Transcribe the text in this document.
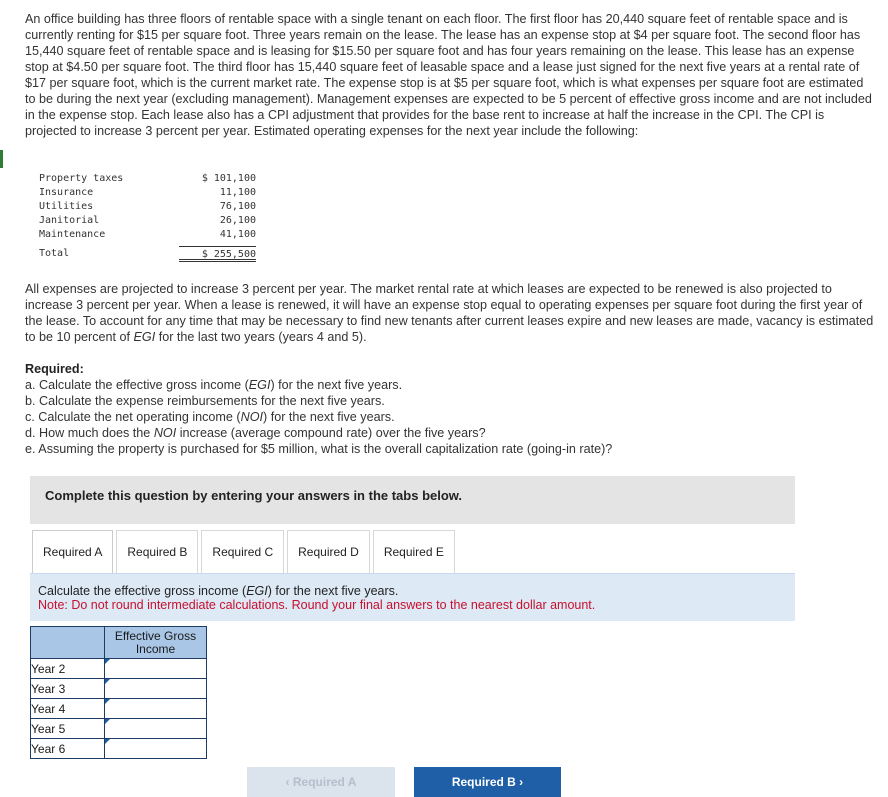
An office building has three floors of rentable space with a single tenant on each floor. The first floor has 20,440 square feet of rentable space and is currently renting for $15 per square foot. Three years remain on the lease. The lease has an expense stop at $4 per square foot. The second floor has 15,440 square feet of rentable space and is leasing for $15.50 per square foot and has four years remaining on the lease. This lease has an expense stop at $4.50 per square foot. The third floor has 15,440 square feet of leasable space and a lease just signed for the next five years at a rental rate of $17 per square foot, which is the current market rate. The expense stop is at $5 per square foot, which is what expenses per square foot are estimated to be during the next year (excluding management). Management expenses are expected to be 5 percent of effective gross income and are not included in the expense stop. Each lease also has a CPI adjustment that provides for the base rent to increase at half the increase in the CPI. The CPI is projected to increase 3 percent per year. Estimated operating expenses for the next year include the following:
Property taxes	$ 101,100
Insurance	11,100
Utilities	76,100
Janitorial	26,100
Maintenance	41,100
Total	$ 255,500
All expenses are projected to increase 3 percent per year. The market rental rate at which leases are expected to be renewed is also projected to increase 3 percent per year. When a lease is renewed, it will have an expense stop equal to operating expenses per square foot during the first year of the lease. To account for any time that may be necessary to find new tenants after current leases expire and new leases are made, vacancy is estimated to be 10 percent of EGI for the last two years (years 4 and 5).
Required:
a. Calculate the effective gross income (EGI) for the next five years.
b. Calculate the expense reimbursements for the next five years.
c. Calculate the net operating income (NOI) for the next five years.
d. How much does the NOI increase (average compound rate) over the five years?
e. Assuming the property is purchased for $5 million, what is the overall capitalization rate (going-in rate)?
Complete this question by entering your answers in the tabs below.
Required A	Required B	Required C	Required D	Required E
Calculate the effective gross income (EGI) for the next five years.
Note: Do not round intermediate calculations. Round your final answers to the nearest dollar amount.
	Effective Gross Income
Year 2	

Year 3	

Year 4	

Year 5	

Year 6	
‹ Required A	Required B ›
